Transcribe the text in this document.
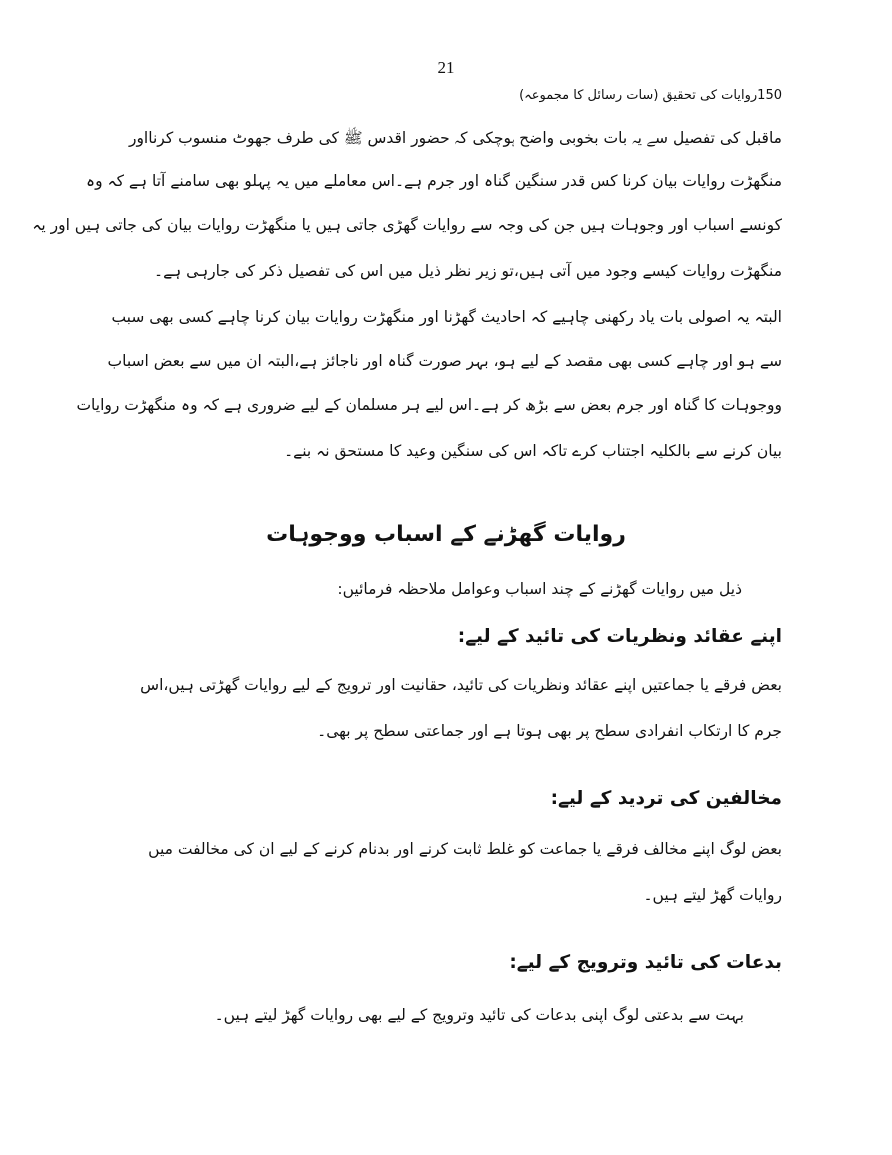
21
150روایات کی تحقیق (سات رسائل کا مجموعہ)

ماقبل کی تفصیل سے یہ بات بخوبی واضح ہوچکی کہ حضور اقدس ﷺ کی طرف جھوٹ منسوب کرنااور

منگھڑت روایات بیان کرنا کس قدر سنگین گناہ اور جرم ہے۔اس معاملے میں یہ پہلو بھی سامنے آتا ہے کہ وہ

کونسے اسباب اور وجوہات ہیں جن کی وجہ سے روایات گھڑی جاتی ہیں یا منگھڑت روایات بیان کی جاتی ہیں اور یہ

منگھڑت روایات کیسے وجود میں آتی ہیں،تو زیر نظر ذیل میں اس کی تفصیل ذکر کی جارہی ہے۔

البتہ یہ اصولی بات یاد رکھنی چاہیے کہ احادیث گھڑنا اور منگھڑت روایات بیان کرنا چاہے کسی بھی سبب

سے ہو اور چاہے کسی بھی مقصد کے لیے ہو، بہر صورت گناہ اور ناجائز ہے،البتہ ان میں سے بعض اسباب

ووجوہات کا گناہ اور جرم بعض سے بڑھ کر ہے۔اس لیے ہر مسلمان کے لیے ضروری ہے کہ وہ منگھڑت روایات

بیان کرنے سے بالکلیہ اجتناب کرے تاکہ اس کی سنگین وعید کا مستحق نہ بنے۔

روایات گھڑنے کے اسباب ووجوہات

ذیل میں روایات گھڑنے کے چند اسباب وعوامل ملاحظہ فرمائیں:

اپنے عقائد ونظریات کی تائید کے لیے:

بعض فرقے یا جماعتیں اپنے عقائد ونظریات کی تائید، حقانیت اور ترویج کے لیے روایات گھڑتی ہیں،اس

جرم کا ارتکاب انفرادی سطح پر بھی ہوتا ہے اور جماعتی سطح پر بھی۔

مخالفین کی تردید کے لیے:

بعض لوگ اپنے مخالف فرقے یا جماعت کو غلط ثابت کرنے اور بدنام کرنے کے لیے ان کی مخالفت میں

روایات گھڑ لیتے ہیں۔

بدعات کی تائید وترویج کے لیے:

بہت سے بدعتی لوگ اپنی بدعات کی تائید وترویج کے لیے بھی روایات گھڑ لیتے ہیں۔
